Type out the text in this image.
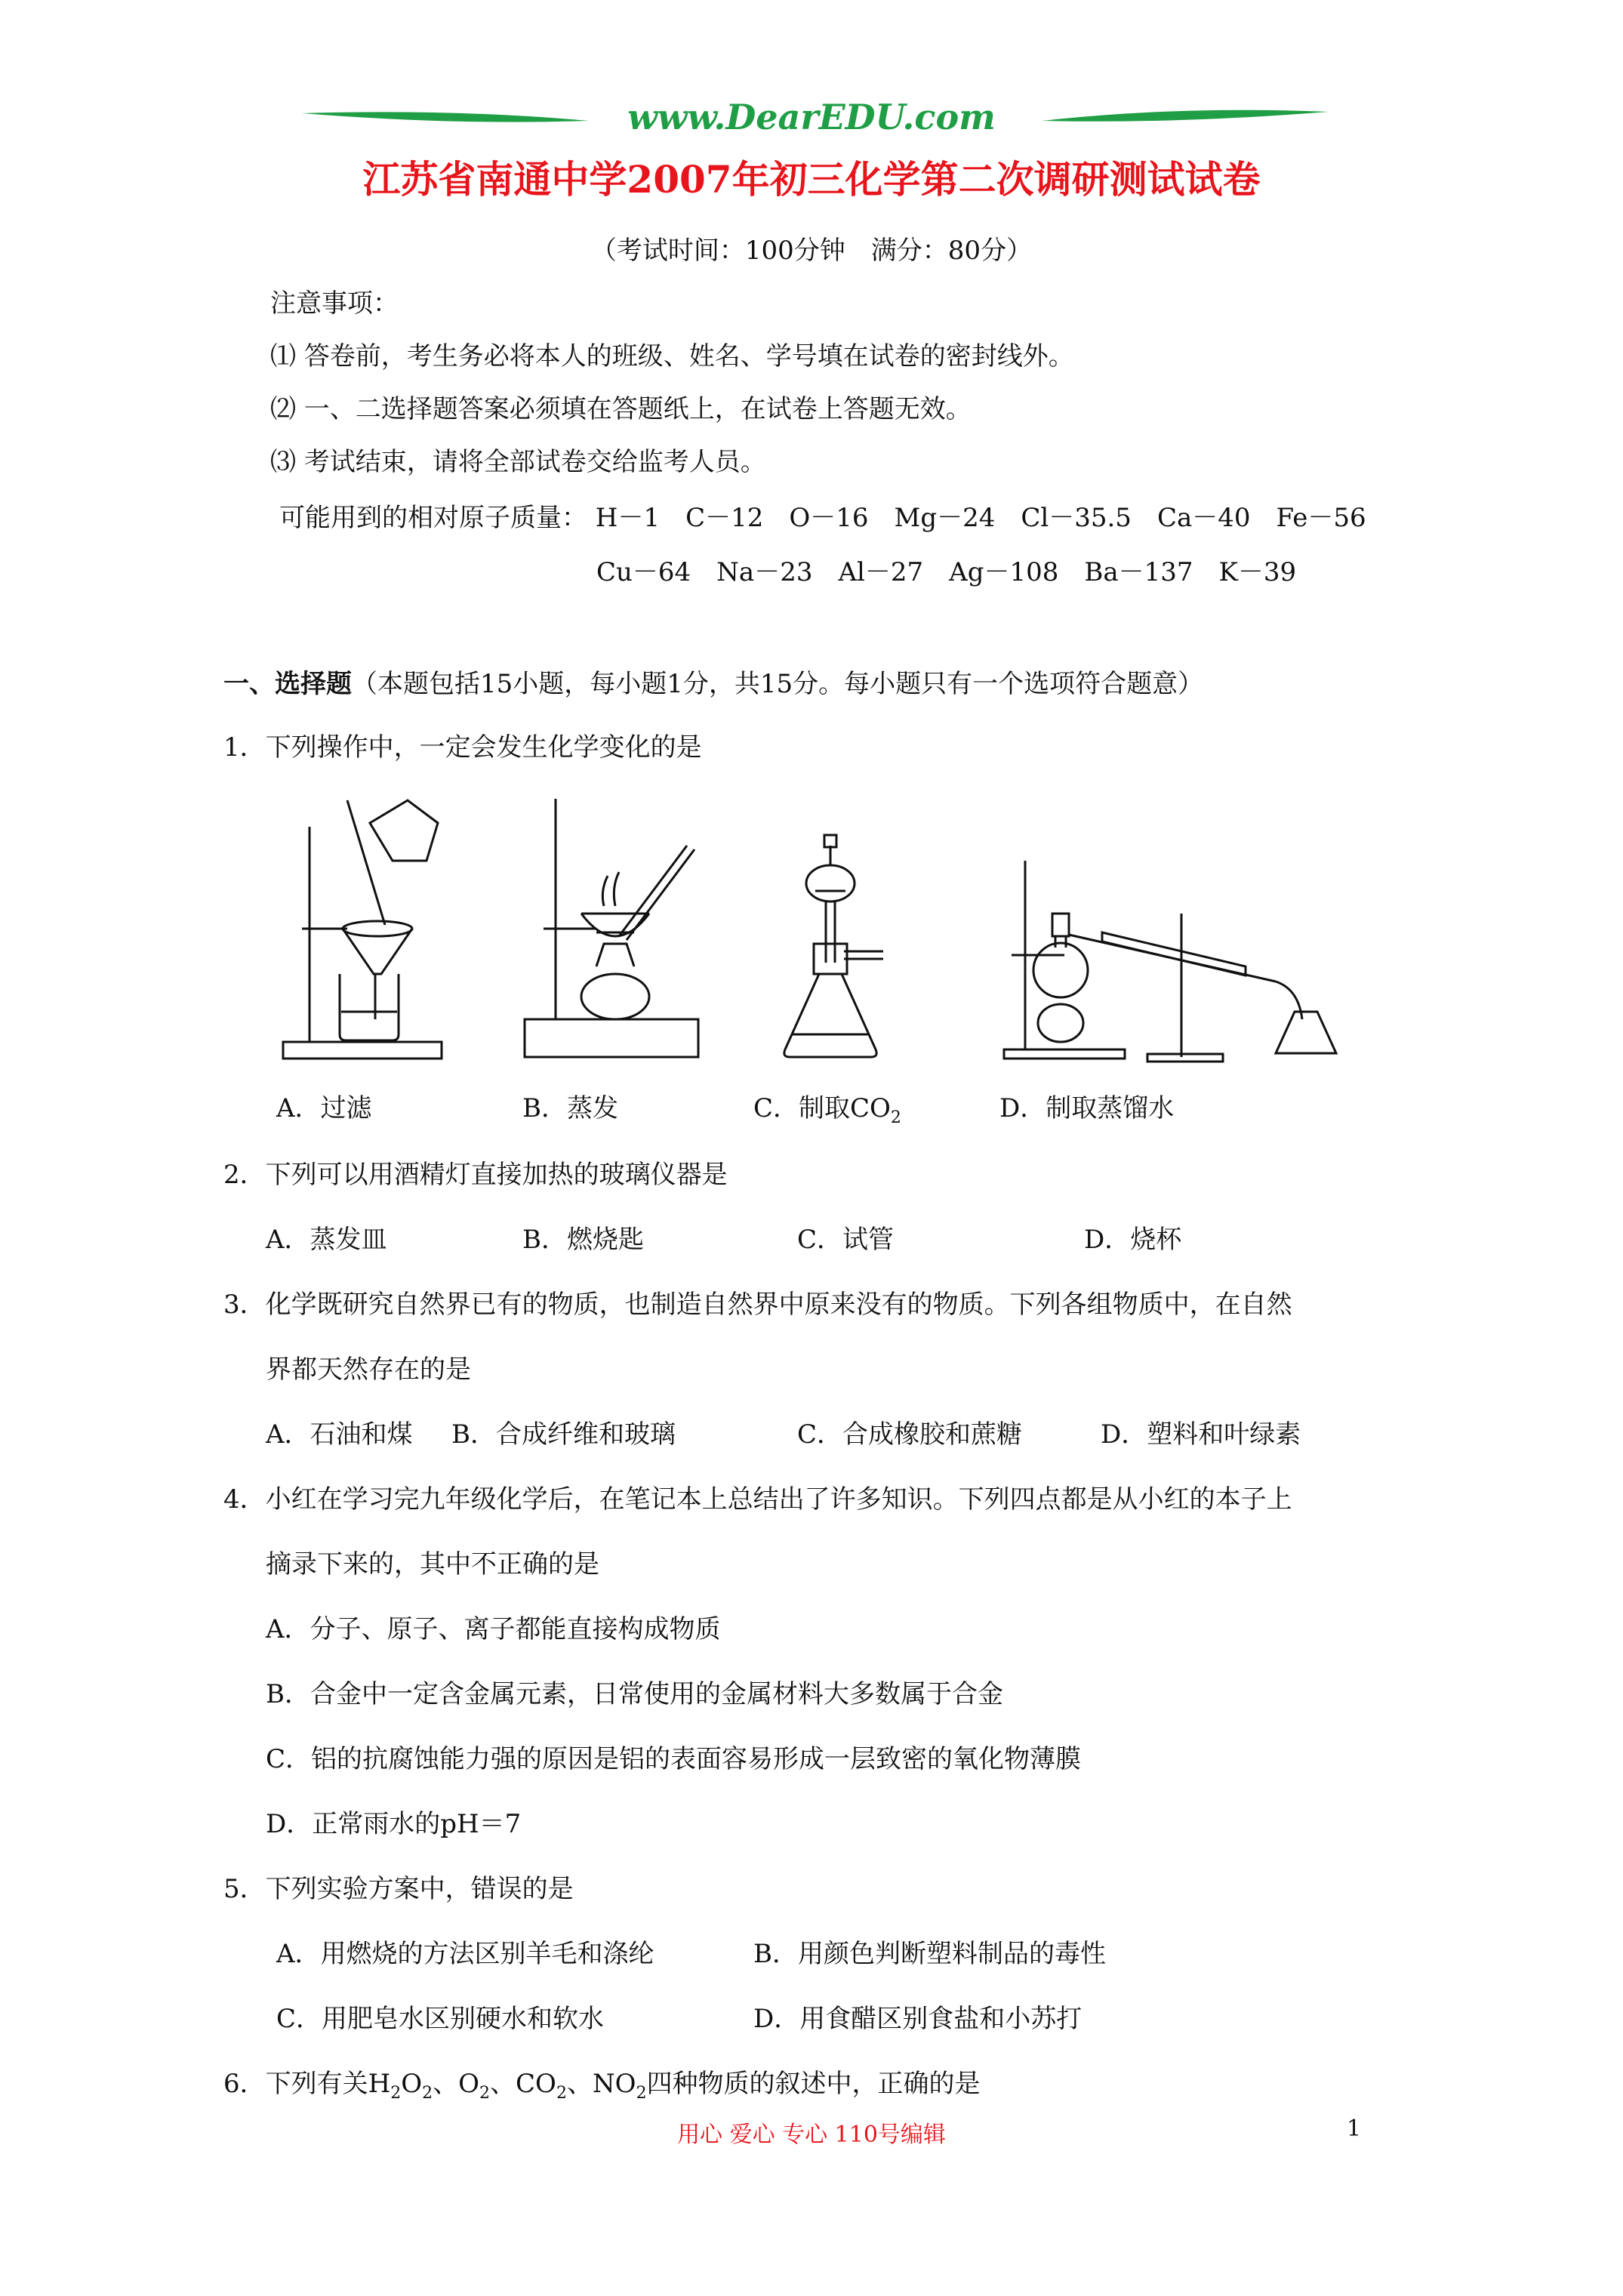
www.DearEDU.com
江苏省南通中学2007年初三化学第二次调研测试试卷
（考试时间：100分钟　满分：80分）
注意事项：
⑴ 答卷前，考生务必将本人的班级、姓名、学号填在试卷的密封线外。
⑵ 一、二选择题答案必须填在答题纸上，在试卷上答题无效。
⑶ 考试结束，请将全部试卷交给监考人员。
可能用到的相对原子质量： H－1　C－12　O－16　Mg－24　Cl－35.5　Ca－40　Fe－56
Cu－64　Na－23　Al－27　Ag－108　Ba－137　K－39
一、选择题（本题包括15小题，每小题1分，共15分。每小题只有一个选项符合题意）
1．下列操作中，一定会发生化学变化的是
A．过滤	B．蒸发	C．制取$CO_2$	D．制取蒸馏水
2．下列可以用酒精灯直接加热的玻璃仪器是
A．蒸发皿	B．燃烧匙	C．试管	D．烧杯
3．化学既研究自然界已有的物质，也制造自然界中原来没有的物质。下列各组物质中，在自然
界都天然存在的是
A．石油和煤 B．合成纤维和玻璃	C．合成橡胶和蔗糖	D．塑料和叶绿素
4．小红在学习完九年级化学后，在笔记本上总结出了许多知识。下列四点都是从小红的本子上
摘录下来的，其中不正确的是
A．分子、原子、离子都能直接构成物质
B．合金中一定含金属元素，日常使用的金属材料大多数属于合金
C．铝的抗腐蚀能力强的原因是铝的表面容易形成一层致密的氧化物薄膜
D．正常雨水的pH＝7
5．下列实验方案中，错误的是
A．用燃烧的方法区别羊毛和涤纶	B．用颜色判断塑料制品的毒性
C．用肥皂水区别硬水和软水	D．用食醋区别食盐和小苏打
6．下列有关$H_2O_2$、$O_2$、$CO_2$、$NO_2$四种物质的叙述中，正确的是
用心 爱心 专心 110号编辑	1
